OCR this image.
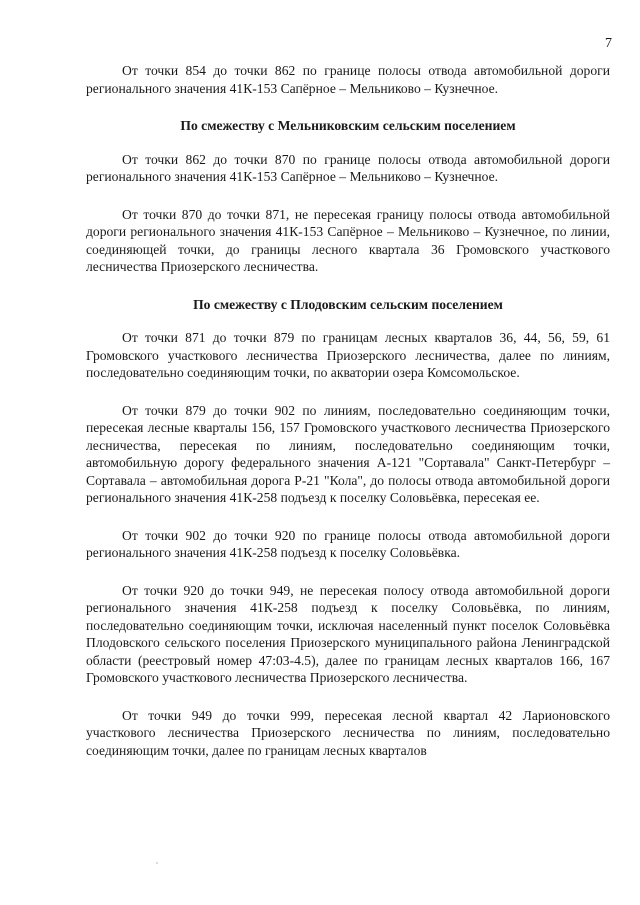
7

От точки 854 до точки 862 по границе полосы отвода автомобильной дороги регионального значения 41К-153 Сапёрное – Мельниково – Кузнечное.

По смежеству с Мельниковским сельским поселением

От точки 862 до точки 870 по границе полосы отвода автомобильной дороги регионального значения 41К-153 Сапёрное – Мельниково – Кузнечное.

От точки 870 до точки 871, не пересекая границу полосы отвода автомобильной дороги регионального значения 41К-153 Сапёрное – Мельниково – Кузнечное, по линии, соединяющей точки, до границы лесного квартала 36 Громовского участкового лесничества Приозерского лесничества.

По смежеству с Плодовским сельским поселением

От точки 871 до точки 879 по границам лесных кварталов 36, 44, 56, 59, 61 Громовского участкового лесничества Приозерского лесничества, далее по линиям, последовательно соединяющим точки, по акватории озера Комсомольское.

От точки 879 до точки 902 по линиям, последовательно соединяющим точки, пересекая лесные кварталы 156, 157 Громовского участкового лесничества Приозерского лесничества, пересекая по линиям, последовательно соединяющим точки, автомобильную дорогу федерального значения А-121 "Сортавала" Санкт-Петербург – Сортавала – автомобильная дорога Р-21 "Кола", до полосы отвода автомобильной дороги регионального значения 41К-258 подъезд к поселку Соловьёвка, пересекая ее.

От точки 902 до точки 920 по границе полосы отвода автомобильной дороги регионального значения 41К-258 подъезд к поселку Соловьёвка.

От точки 920 до точки 949, не пересекая полосу отвода автомобильной дороги регионального значения 41К-258 подъезд к поселку Соловьёвка, по линиям, последовательно соединяющим точки, исключая населенный пункт поселок Соловьёвка Плодовского сельского поселения Приозерского муниципального района Ленинградской области (реестровый номер 47:03-4.5), далее по границам лесных кварталов 166, 167 Громовского участкового лесничества Приозерского лесничества.

От точки 949 до точки 999, пересекая лесной квартал 42 Ларионовского участкового лесничества Приозерского лесничества по линиям, последовательно соединяющим точки, далее по границам лесных кварталов
